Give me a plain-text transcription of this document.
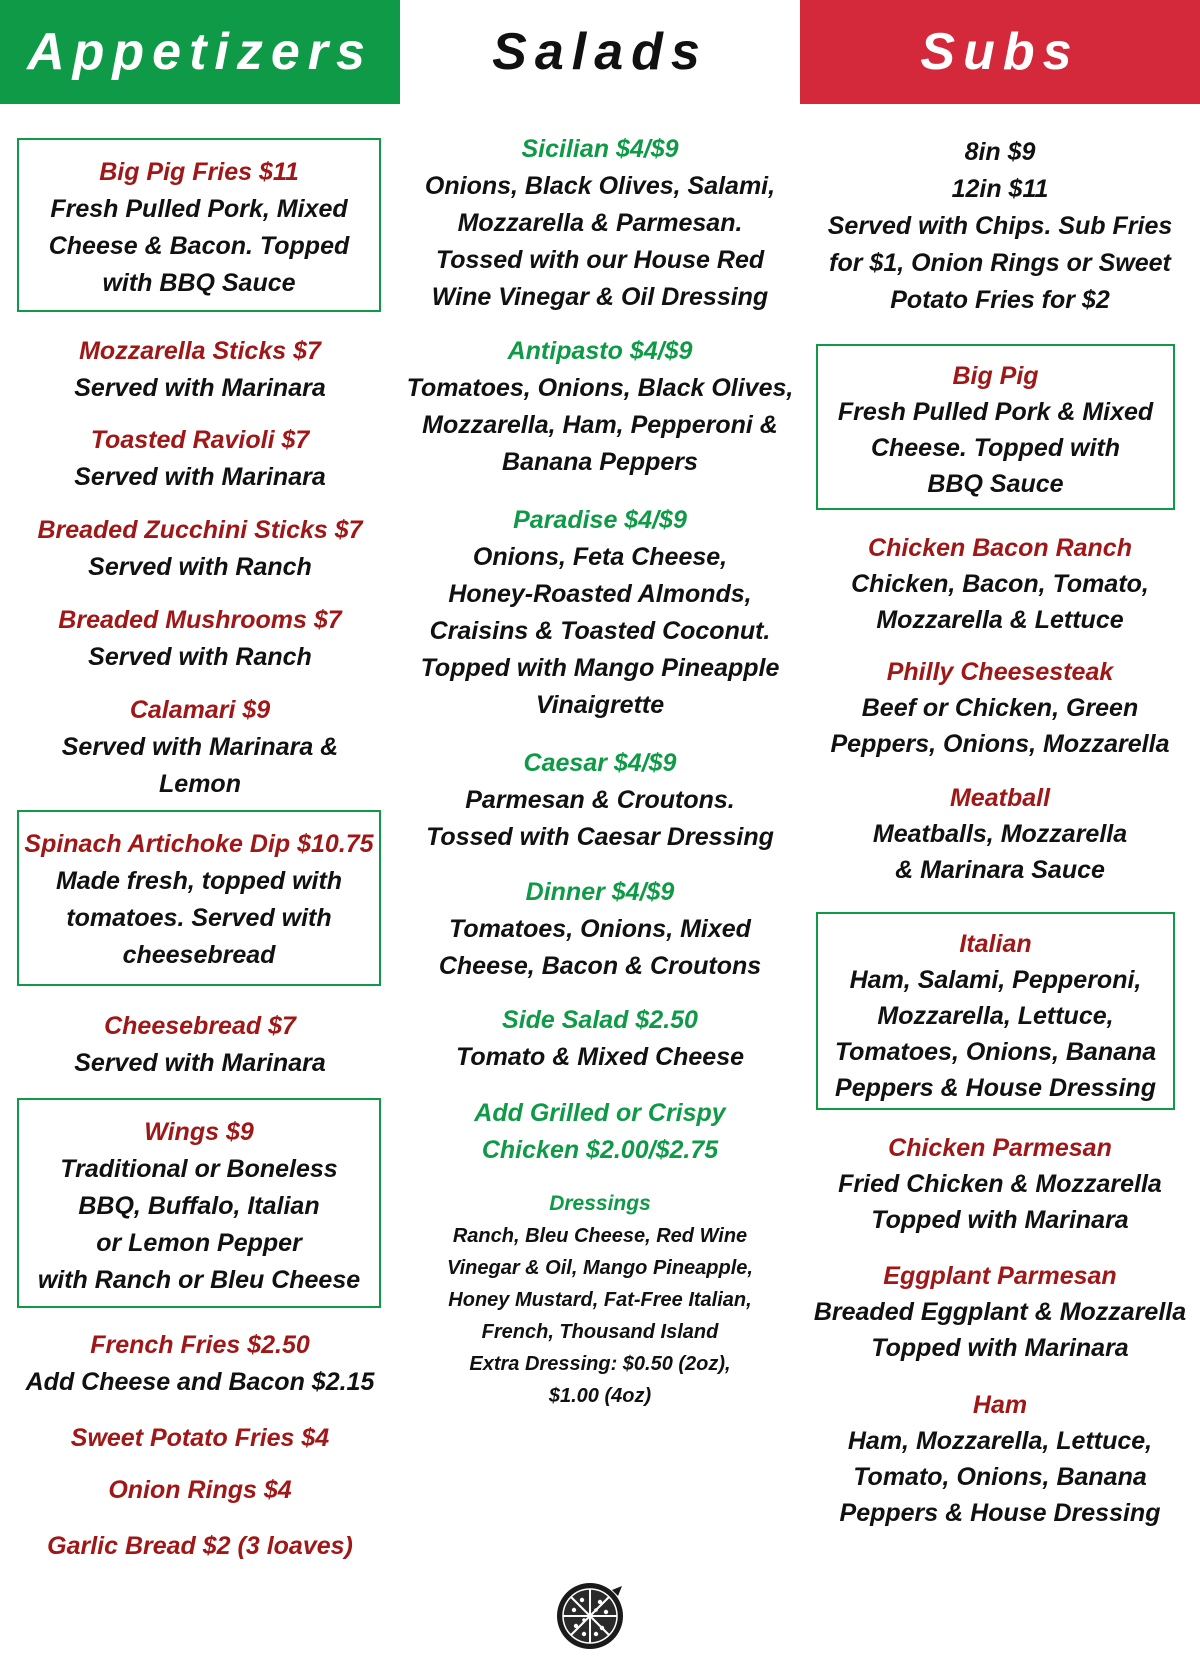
Appetizers	Salads	Subs
Big Pig Fries $11
Fresh Pulled Pork, Mixed
Cheese & Bacon. Topped
with BBQ Sauce
Mozzarella Sticks $7
Served with Marinara
Toasted Ravioli $7
Served with Marinara
Breaded Zucchini Sticks $7
Served with Ranch
Breaded Mushrooms $7
Served with Ranch
Calamari $9
Served with Marinara &
Lemon
Spinach Artichoke Dip $10.75
Made fresh, topped with
tomatoes. Served with
cheesebread
Cheesebread $7
Served with Marinara
Wings $9
Traditional or Boneless
BBQ, Buffalo, Italian
or Lemon Pepper
with Ranch or Bleu Cheese
French Fries $2.50
Add Cheese and Bacon $2.15
Sweet Potato Fries $4
Onion Rings $4
Garlic Bread $2 (3 loaves)
Sicilian $4/$9
Onions, Black Olives, Salami,
Mozzarella & Parmesan.
Tossed with our House Red
Wine Vinegar & Oil Dressing
Antipasto $4/$9
Tomatoes, Onions, Black Olives,
Mozzarella, Ham, Pepperoni &
Banana Peppers
Paradise $4/$9
Onions, Feta Cheese,
Honey-Roasted Almonds,
Craisins & Toasted Coconut.
Topped with Mango Pineapple
Vinaigrette
Caesar $4/$9
Parmesan & Croutons.
Tossed with Caesar Dressing
Dinner $4/$9
Tomatoes, Onions, Mixed
Cheese, Bacon & Croutons
Side Salad $2.50
Tomato & Mixed Cheese
Add Grilled or Crispy
Chicken $2.00/$2.75
Dressings
Ranch, Bleu Cheese, Red Wine
Vinegar & Oil, Mango Pineapple,
Honey Mustard, Fat-Free Italian,
French, Thousand Island
Extra Dressing: $0.50 (2oz),
$1.00 (4oz)
8in $9
12in $11
Served with Chips. Sub Fries
for $1, Onion Rings or Sweet
Potato Fries for $2
Big Pig
Fresh Pulled Pork & Mixed
Cheese. Topped with
BBQ Sauce
Chicken Bacon Ranch
Chicken, Bacon, Tomato,
Mozzarella & Lettuce
Philly Cheesesteak
Beef or Chicken, Green
Peppers, Onions, Mozzarella
Meatball
Meatballs, Mozzarella
& Marinara Sauce
Italian
Ham, Salami, Pepperoni,
Mozzarella, Lettuce,
Tomatoes, Onions, Banana
Peppers & House Dressing
Chicken Parmesan
Fried Chicken & Mozzarella
Topped with Marinara
Eggplant Parmesan
Breaded Eggplant & Mozzarella
Topped with Marinara
Ham
Ham, Mozzarella, Lettuce,
Tomato, Onions, Banana
Peppers & House Dressing
